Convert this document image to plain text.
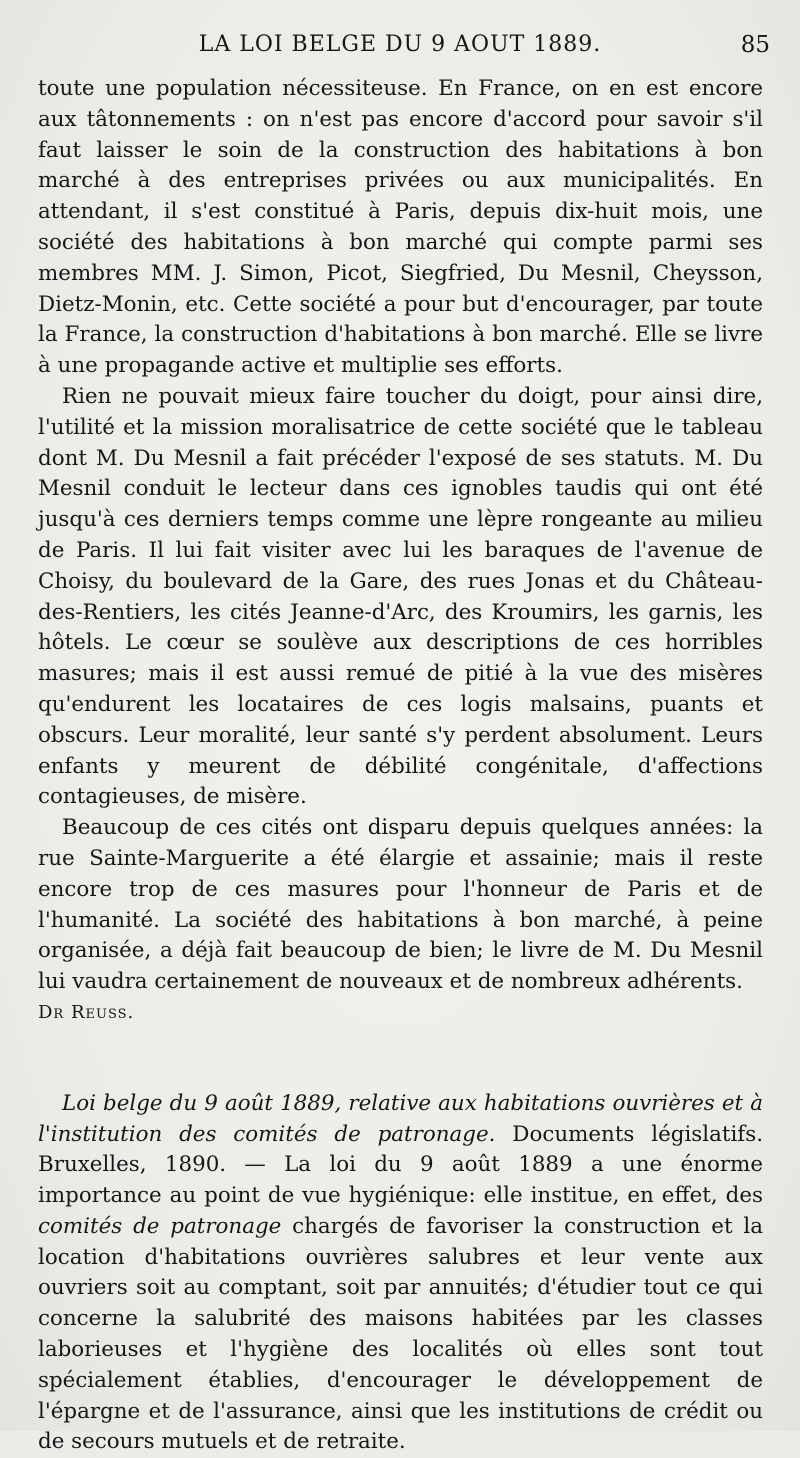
LA LOI BELGE DU 9 AOUT 1889.	85

toute une population nécessiteuse. En France, on en est encore aux tâtonnements : on n'est pas encore d'accord pour savoir s'il faut laisser le soin de la construction des habitations à bon marché à des entreprises privées ou aux municipalités. En attendant, il s'est constitué à Paris, depuis dix-huit mois, une société des habitations à bon marché qui compte parmi ses membres MM. J. Simon, Picot, Siegfried, Du Mesnil, Cheysson, Dietz-Monin, etc. Cette société a pour but d'encourager, par toute la France, la construction d'habitations à bon marché. Elle se livre à une propagande active et multiplie ses efforts.

Rien ne pouvait mieux faire toucher du doigt, pour ainsi dire, l'utilité et la mission moralisatrice de cette société que le tableau dont M. Du Mesnil a fait précéder l'exposé de ses statuts. M. Du Mesnil conduit le lecteur dans ces ignobles taudis qui ont été jusqu'à ces derniers temps comme une lèpre rongeante au milieu de Paris. Il lui fait visiter avec lui les baraques de l'avenue de Choisy, du boulevard de la Gare, des rues Jonas et du Château-des-Rentiers, les cités Jeanne-d'Arc, des Kroumirs, les garnis, les hôtels. Le cœur se soulève aux descriptions de ces horribles masures; mais il est aussi remué de pitié à la vue des misères qu'endurent les locataires de ces logis malsains, puants et obscurs. Leur moralité, leur santé s'y perdent absolument. Leurs enfants y meurent de débilité congénitale, d'affections contagieuses, de misère.

Beaucoup de ces cités ont disparu depuis quelques années: la rue Sainte-Marguerite a été élargie et assainie; mais il reste encore trop de ces masures pour l'honneur de Paris et de l'humanité. La société des habitations à bon marché, à peine organisée, a déjà fait beaucoup de bien; le livre de M. Du Mesnil lui vaudra certainement de nouveaux et de nombreux adhérents.

Dr Reuss.

Loi belge du 9 août 1889, relative aux habitations ouvrières et à l'institution des comités de patronage. Documents législatifs. Bruxelles, 1890. — La loi du 9 août 1889 a une énorme importance au point de vue hygiénique: elle institue, en effet, des comités de patronage chargés de favoriser la construction et la location d'habitations ouvrières salubres et leur vente aux ouvriers soit au comptant, soit par annuités; d'étudier tout ce qui concerne la salubrité des maisons habitées par les classes laborieuses et l'hygiène des localités où elles sont tout spécialement établies, d'encourager le développement de l'épargne et de l'assurance, ainsi que les institutions de crédit ou de secours mutuels et de retraite.
